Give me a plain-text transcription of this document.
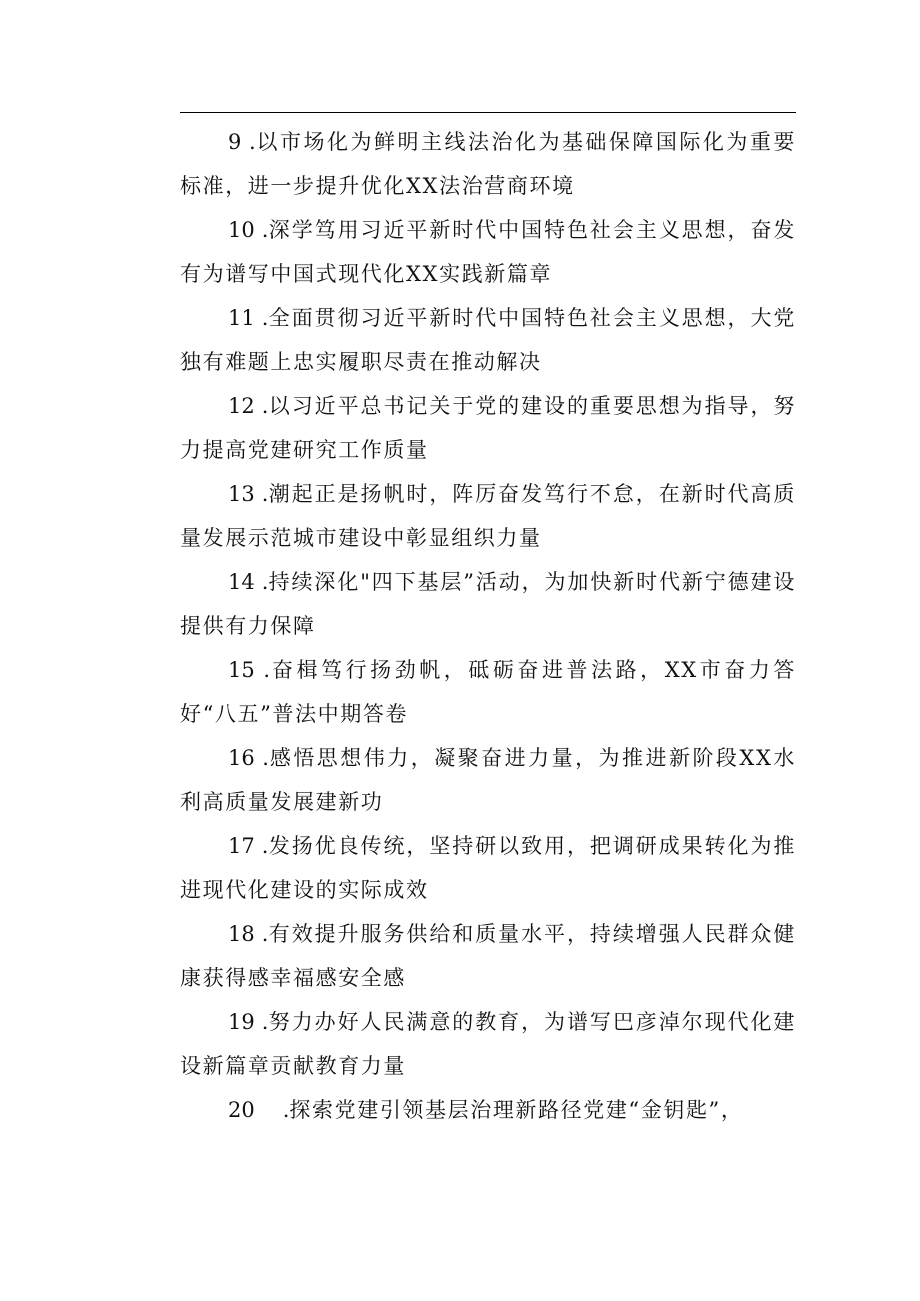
9 .以市场化为鲜明主线法治化为基础保障国际化为重要标准，进一步提升优化XX法治营商环境

10 .深学笃用习近平新时代中国特色社会主义思想，奋发有为谱写中国式现代化XX实践新篇章

11 .全面贯彻习近平新时代中国特色社会主义思想，大党独有难题上忠实履职尽责在推动解决

12 .以习近平总书记关于党的建设的重要思想为指导，努力提高党建研究工作质量

13 .潮起正是扬帆时，阵厉奋发笃行不怠，在新时代高质量发展示范城市建设中彰显组织力量

14 .持续深化"四下基层”活动，为加快新时代新宁德建设提供有力保障

15 .奋楫笃行扬劲帆，砥砺奋进普法路，XX市奋力答好“八五”普法中期答卷

16 .感悟思想伟力，凝聚奋进力量，为推进新阶段XX水利高质量发展建新功

17 .发扬优良传统，坚持研以致用，把调研成果转化为推进现代化建设的实际成效

18 .有效提升服务供给和质量水平，持续增强人民群众健康获得感幸福感安全感

19 .努力办好人民满意的教育，为谱写巴彦淖尔现代化建设新篇章贡献教育力量

20 .探索党建引领基层治理新路径党建“金钥匙”，
